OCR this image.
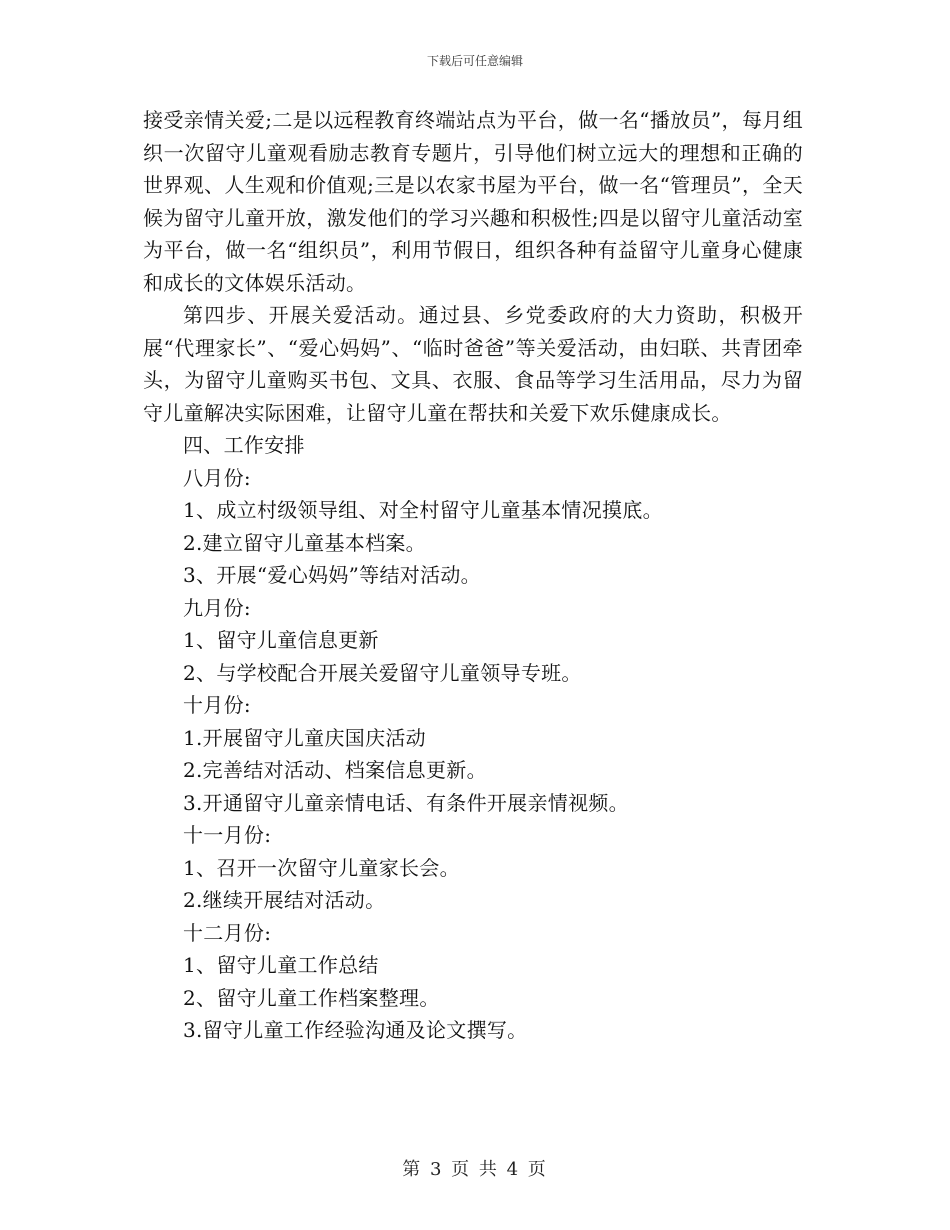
下载后可任意编辑

接受亲情关爱;二是以远程教育终端站点为平台，做一名“播放员”，每月组织一次留守儿童观看励志教育专题片，引导他们树立远大的理想和正确的世界观、人生观和价值观;三是以农家书屋为平台，做一名“管理员”，全天候为留守儿童开放，激发他们的学习兴趣和积极性;四是以留守儿童活动室为平台，做一名“组织员”，利用节假日，组织各种有益留守儿童身心健康和成长的文体娱乐活动。

第四步、开展关爱活动。通过县、乡党委政府的大力资助，积极开展“代理家长”、“爱心妈妈”、“临时爸爸”等关爱活动，由妇联、共青团牵头，为留守儿童购买书包、文具、衣服、食品等学习生活用品，尽力为留守儿童解决实际困难，让留守儿童在帮扶和关爱下欢乐健康成长。

四、工作安排

八月份:

1、成立村级领导组、对全村留守儿童基本情况摸底。

2.建立留守儿童基本档案。

3、开展“爱心妈妈”等结对活动。

九月份:

1、留守儿童信息更新

2、与学校配合开展关爱留守儿童领导专班。

十月份:

1.开展留守儿童庆国庆活动

2.完善结对活动、档案信息更新。

3.开通留守儿童亲情电话、有条件开展亲情视频。

十一月份:

1、召开一次留守儿童家长会。

2.继续开展结对活动。

十二月份:

1、留守儿童工作总结

2、留守儿童工作档案整理。

3.留守儿童工作经验沟通及论文撰写。

第 3 页 共 4 页
